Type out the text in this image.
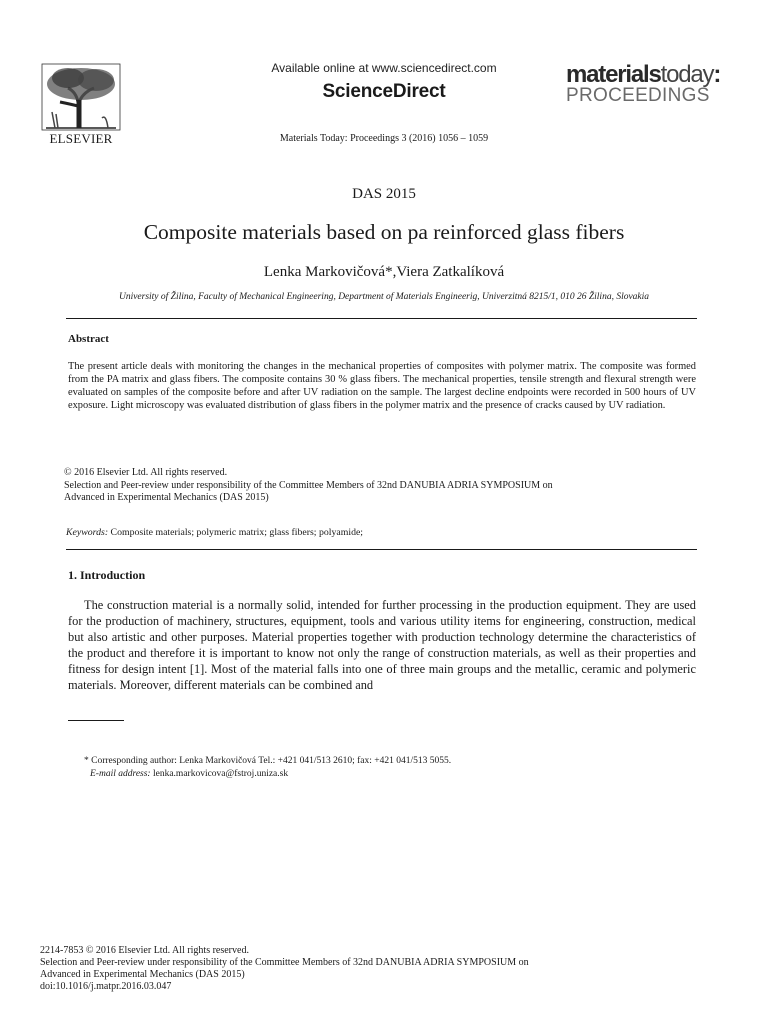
ELSEVIER
Available online at www.sciencedirect.com
ScienceDirect
materialstoday:
PROCEEDINGS
Materials Today: Proceedings 3 (2016) 1056 – 1059
DAS 2015
Composite materials based on pa reinforced glass fibers
Lenka Markovičová*,Viera Zatkalíková
University of Žilina, Faculty of Mechanical Engineering, Department of Materials Engineerig, Univerzitná 8215/1, 010 26 Žilina, Slovakia
Abstract
The present article deals with monitoring the changes in the mechanical properties of composites with polymer matrix. The composite was formed from the PA matrix and glass fibers. The composite contains 30 % glass fibers. The mechanical properties, tensile strength and flexural strength were evaluated on samples of the composite before and after UV radiation on the sample. The largest decline endpoints were recorded in 500 hours of UV exposure. Light microscopy was evaluated distribution of glass fibers in the polymer matrix and the presence of cracks caused by UV radiation.
© 2016 Elsevier Ltd. All rights reserved.
Selection and Peer-review under responsibility of the Committee Members of 32nd DANUBIA ADRIA SYMPOSIUM on
Advanced in Experimental Mechanics (DAS 2015)
Keywords: Composite materials; polymeric matrix; glass fibers; polyamide;
1. Introduction
The construction material is a normally solid, intended for further processing in the production equipment. They are used for the production of machinery, structures, equipment, tools and various utility items for engineering, construction, medical but also artistic and other purposes. Material properties together with production technology determine the characteristics of the product and therefore it is important to know not only the range of construction materials, as well as their properties and fitness for design intent [1]. Most of the material falls into one of three main groups and the metallic, ceramic and polymeric materials. Moreover, different materials can be combined and
* Corresponding author: Lenka Markovičová Tel.: +421 041/513 2610; fax: +421 041/513 5055.
E-mail address: lenka.markovicova@fstroj.uniza.sk
2214-7853 © 2016 Elsevier Ltd. All rights reserved.
Selection and Peer-review under responsibility of the Committee Members of 32nd DANUBIA ADRIA SYMPOSIUM on
Advanced in Experimental Mechanics (DAS 2015)
doi:10.1016/j.matpr.2016.03.047
